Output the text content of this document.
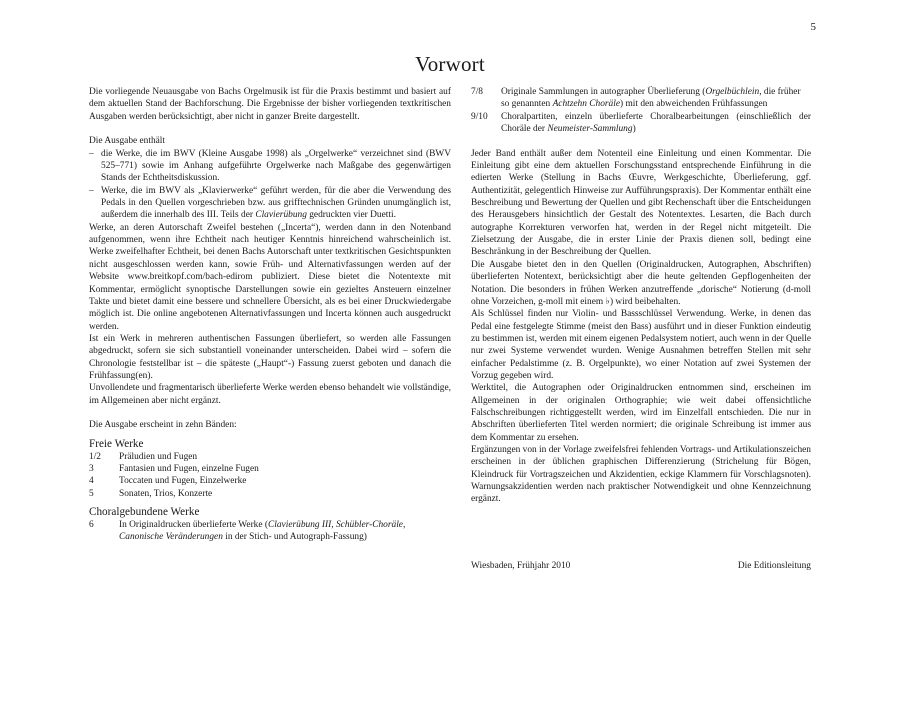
5
Vorwort

Die vorliegende Neuausgabe von Bachs Orgelmusik ist für die Praxis bestimmt und basiert auf dem aktuellen Stand der Bachforschung. Die Ergebnisse der bisher vorliegenden textkritischen Ausgaben werden berücksichtigt, aber nicht in ganzer Breite dargestellt.

Die Ausgabe enthält

– die Werke, die im BWV (Kleine Ausgabe 1998) als „Orgelwerke“ verzeichnet sind (BWV 525–771) sowie im Anhang aufgeführte Orgelwerke nach Maßgabe des gegenwärtigen Stands der Echtheitsdiskussion.
– Werke, die im BWV als „Klavierwerke“ geführt werden, für die aber die Verwendung des Pedals in den Quellen vorgeschrieben bzw. aus grifftechnischen Gründen unumgänglich ist, außerdem die innerhalb des III. Teils der Clavierübung gedruckten vier Duetti.

Werke, an deren Autorschaft Zweifel bestehen („Incerta“), werden dann in den Notenband aufgenommen, wenn ihre Echtheit nach heutiger Kenntnis hinreichend wahrscheinlich ist. Werke zweifelhafter Echtheit, bei denen Bachs Autorschaft unter textkritischen Gesichtspunkten nicht ausgeschlossen werden kann, sowie Früh- und Alternativfassungen werden auf der Website www.breitkopf.com/bach-edirom publiziert. Diese bietet die Notentexte mit Kommentar, ermöglicht synoptische Darstellungen sowie ein gezieltes Ansteuern einzelner Takte und bietet damit eine bessere und schnellere Übersicht, als es bei einer Druckwiedergabe möglich ist. Die online angebotenen Alternativfassungen und Incerta können auch ausgedruckt werden.

Ist ein Werk in mehreren authentischen Fassungen überliefert, so werden alle Fassungen abgedruckt, sofern sie sich substantiell voneinander unterscheiden. Dabei wird – sofern die Chronologie feststellbar ist – die späteste („Haupt“-) Fassung zuerst geboten und danach die Frühfassung(en).

Unvollendete und fragmentarisch überlieferte Werke werden ebenso behandelt wie vollständige, im Allgemeinen aber nicht ergänzt.

Die Ausgabe erscheint in zehn Bänden:

Freie Werke
1/2	Präludien und Fugen
3	Fantasien und Fugen, einzelne Fugen
4	Toccaten und Fugen, Einzelwerke
5	Sonaten, Trios, Konzerte
Choralgebundene Werke
6	In Originaldrucken überlieferte Werke (Clavierübung III, Schübler-Choräle, Canonische Veränderungen in der Stich- und Autograph-Fassung)
7/8	Originale Sammlungen in autographer Überlieferung (Orgelbüchlein, die früher so genannten Achtzehn Choräle) mit den abweichenden Frühfassungen
9/10	Choralpartiten, einzeln überlieferte Choralbearbeitungen (einschließlich der Choräle der Neumeister-Sammlung)

Jeder Band enthält außer dem Notenteil eine Einleitung und einen Kommentar. Die Einleitung gibt eine dem aktuellen Forschungsstand entsprechende Einführung in die edierten Werke (Stellung in Bachs Œuvre, Werkgeschichte, Überlieferung, ggf. Authentizität, gelegentlich Hinweise zur Aufführungspraxis). Der Kommentar enthält eine Beschreibung und Bewertung der Quellen und gibt Rechenschaft über die Entscheidungen des Herausgebers hinsichtlich der Gestalt des Notentextes. Lesarten, die Bach durch autographe Korrekturen verworfen hat, werden in der Regel nicht mitgeteilt. Die Zielsetzung der Ausgabe, die in erster Linie der Praxis dienen soll, bedingt eine Beschränkung in der Beschreibung der Quellen.

Die Ausgabe bietet den in den Quellen (Originaldrucken, Autographen, Abschriften) überlieferten Notentext, berücksichtigt aber die heute geltenden Gepflogenheiten der Notation. Die besonders in frühen Werken anzutreffende „dorische“ Notierung (d-moll ohne Vorzeichen, g-moll mit einem ♭) wird beibehalten.

Als Schlüssel finden nur Violin- und Bassschlüssel Verwendung. Werke, in denen das Pedal eine festgelegte Stimme (meist den Bass) ausführt und in dieser Funktion eindeutig zu bestimmen ist, werden mit einem eigenen Pedalsystem notiert, auch wenn in der Quelle nur zwei Systeme verwendet wurden. Wenige Ausnahmen betreffen Stellen mit sehr einfacher Pedalstimme (z. B. Orgelpunkte), wo einer Notation auf zwei Systemen der Vorzug gegeben wird.

Werktitel, die Autographen oder Originaldrucken entnommen sind, erscheinen im Allgemeinen in der originalen Orthographie; wie weit dabei offensichtliche Falschschreibungen richtiggestellt werden, wird im Einzelfall entschieden. Die nur in Abschriften überlieferten Titel werden normiert; die originale Schreibung ist immer aus dem Kommentar zu ersehen.

Ergänzungen von in der Vorlage zweifelsfrei fehlenden Vortrags- und Artikulationszeichen erscheinen in der üblichen graphischen Differenzierung (Strichelung für Bögen, Kleindruck für Vortragszeichen und Akzidentien, eckige Klammern für Vorschlagsnoten). Warnungsakzidentien werden nach praktischer Notwendigkeit und ohne Kennzeichnung ergänzt.

Wiesbaden, Frühjahr 2010	Die Editionsleitung
